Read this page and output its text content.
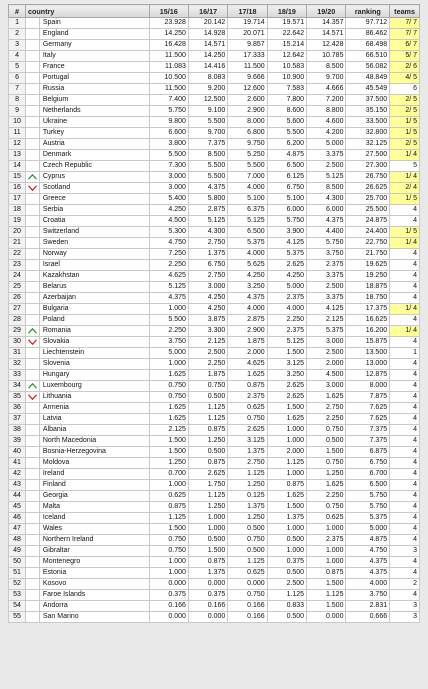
#	country		15/16	16/17	17/18	18/19	19/20	ranking	teams
1		Spain	23.928	20.142	19.714	19.571	14.357	97.712	7/ 7
2		England	14.250	14.928	20.071	22.642	14.571	86.462	7/ 7
3		Germany	16.428	14.571	9.857	15.214	12.428	68.498	6/ 7
4		Italy	11.500	14.250	17.333	12.642	10.785	66.510	5/ 7
5		France	11.083	14.416	11.500	10.583	8.500	56.082	2/ 6
6		Portugal	10.500	8.083	9.666	10.900	9.700	48.849	4/ 5
7		Russia	11.500	9.200	12.600	7.583	4.666	45.549	6
8		Belgium	7.400	12.500	2.600	7.800	7.200	37.500	2/ 5
9		Netherlands	5.750	9.100	2.900	8.600	8.800	35.150	2/ 5
10		Ukraine	9.800	5.500	8.000	5.600	4.600	33.500	1/ 5
11		Turkey	6.600	9.700	6.800	5.500	4.200	32.800	1/ 5
12		Austria	3.800	7.375	9.750	6.200	5.000	32.125	2/ 5
13		Denmark	5.500	8.500	5.250	4.875	3.375	27.500	1/ 4
14		Czech Republic	7.300	5.500	5.500	6.500	2.500	27.300	5
15		Cyprus	3.000	5.500	7.000	6.125	5.125	26.750	1/ 4
16		Scotland	3.000	4.375	4.000	6.750	8.500	26.625	2/ 4
17		Greece	5.400	5.800	5.100	5.100	4.300	25.700	1/ 5
18		Serbia	4.250	2.875	6.375	6.000	6.000	25.500	4
19		Croatia	4.500	5.125	5.125	5.750	4.375	24.875	4
20		Switzerland	5.300	4.300	6.500	3.900	4.400	24.400	1/ 5
21		Sweden	4.750	2.750	5.375	4.125	5.750	22.750	1/ 4
22		Norway	7.250	1.375	4.000	5.375	3.750	21.750	4
23		Israel	2.250	6.750	5.625	2.625	2.375	19.625	4
24		Kazakhstan	4.625	2.750	4.250	4.250	3.375	19.250	4
25		Belarus	5.125	3.000	3.250	5.000	2.500	18.875	4
26		Azerbaijan	4.375	4.250	4.375	2.375	3.375	18.750	4
27		Bulgaria	1.000	4.250	4.000	4.000	4.125	17.375	1/ 4
28		Poland	5.500	3.875	2.875	2.250	2.125	16.625	4
29		Romania	2.250	3.300	2.900	2.375	5.375	16.200	1/ 4
30		Slovakia	3.750	2.125	1.875	5.125	3.000	15.875	4
31		Liechtenstein	5.000	2.500	2.000	1.500	2.500	13.500	1
32		Slovenia	1.000	2.250	4.625	3.125	2.000	13.000	4
33		Hungary	1.625	1.875	1.625	3.250	4.500	12.875	4
34		Luxembourg	0.750	0.750	0.875	2.625	3.000	8.000	4
35		Lithuania	0.750	0.500	2.375	2.625	1.625	7.875	4
36		Armenia	1.625	1.125	0.625	1.500	2.750	7.625	4
37		Latvia	1.625	1.125	0.750	1.625	2.250	7.625	4
38		Albania	2.125	0.875	2.625	1.000	0.750	7.375	4
39		North Macedonia	1.500	1.250	3.125	1.000	0.500	7.375	4
40		Bosnia-Herzegovina	1.500	0.500	1.375	2.000	1.500	6.875	4
41		Moldova	1.250	0.875	2.750	1.125	0.750	6.750	4
42		Ireland	0.700	2.625	1.125	1.000	1.250	6.700	4
43		Finland	1.000	1.750	1.250	0.875	1.625	6.500	4
44		Georgia	0.625	1.125	0.125	1.625	2.250	5.750	4
45		Malta	0.875	1.250	1.375	1.500	0.750	5.750	4
46		Iceland	1.125	1.000	1.250	1.375	0.625	5.375	4
47		Wales	1.500	1.000	0.500	1.000	1.000	5.000	4
48		Northern Ireland	0.750	0.500	0.750	0.500	2.375	4.875	4
49		Gibraltar	0.750	1.500	0.500	1.000	1.000	4.750	3
50		Montenegro	1.000	0.875	1.125	0.375	1.000	4.375	4
51		Estonia	1.000	1.375	0.625	0.500	0.875	4.375	4
52		Kosovo	0.000	0.000	0.000	2.500	1.500	4.000	2
53		Faroe Islands	0.375	0.375	0.750	1.125	1.125	3.750	4
54		Andorra	0.166	0.166	0.166	0.833	1.500	2.831	3
55		San Marino	0.000	0.000	0.166	0.500	0.000	0.666	3
